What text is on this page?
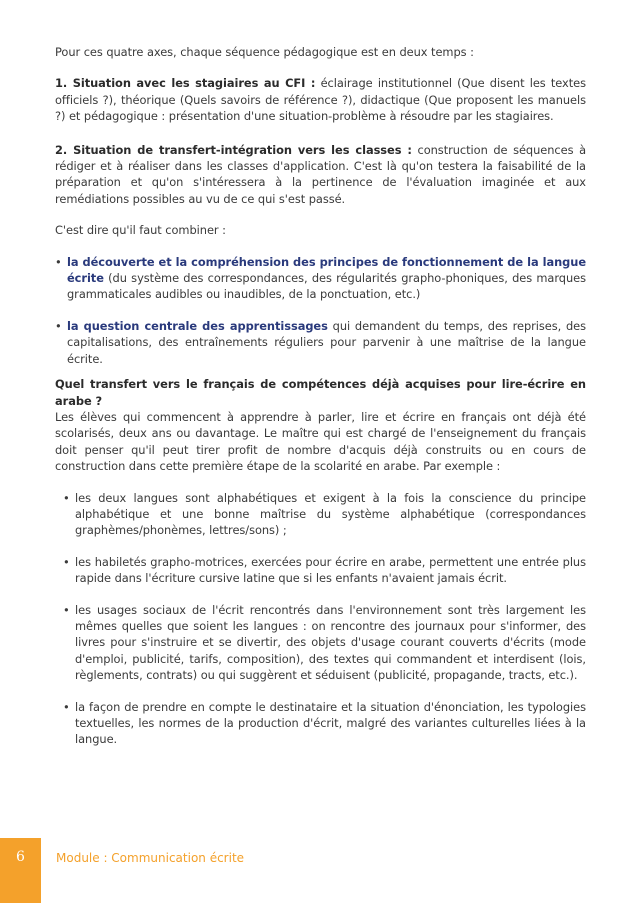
Pour ces quatre axes, chaque séquence pédagogique est en deux temps :

1. Situation avec les stagiaires au CFI : éclairage institutionnel (Que disent les textes officiels ?), théorique (Quels savoirs de référence ?), didactique (Que proposent les manuels ?) et pédagogique : présentation d'une situation-problème à résoudre par les stagiaires.

2. Situation de transfert-intégration vers les classes : construction de séquences à rédiger et à réaliser dans les classes d'application. C'est là qu'on testera la faisabilité de la préparation et qu'on s'intéressera à la pertinence de l'évaluation imaginée et aux remédiations possibles au vu de ce qui s'est passé.

C'est dire qu'il faut combiner :

• la découverte et la compréhension des principes de fonctionnement de la langue écrite (du système des correspondances, des régularités grapho-phoniques, des marques grammaticales audibles ou inaudibles, de la ponctuation, etc.)
• la question centrale des apprentissages qui demandent du temps, des reprises, des capitalisations, des entraînements réguliers pour parvenir à une maîtrise de la langue écrite.

Quel transfert vers le français de compétences déjà acquises pour lire-écrire en arabe ?

Les élèves qui commencent à apprendre à parler, lire et écrire en français ont déjà été scolarisés, deux ans ou davantage. Le maître qui est chargé de l'enseignement du français doit penser qu'il peut tirer profit de nombre d'acquis déjà construits ou en cours de construction dans cette première étape de la scolarité en arabe. Par exemple :

• les deux langues sont alphabétiques et exigent à la fois la conscience du principe alphabétique et une bonne maîtrise du système alphabétique (correspondances graphèmes/phonèmes, lettres/sons) ;
• les habiletés grapho-motrices, exercées pour écrire en arabe, permettent une entrée plus rapide dans l'écriture cursive latine que si les enfants n'avaient jamais écrit.
• les usages sociaux de l'écrit rencontrés dans l'environnement sont très largement les mêmes quelles que soient les langues : on rencontre des journaux pour s'informer, des livres pour s'instruire et se divertir, des objets d'usage courant couverts d'écrits (mode d'emploi, publicité, tarifs, composition), des textes qui commandent et interdisent (lois, règlements, contrats) ou qui suggèrent et séduisent (publicité, propagande, tracts, etc.).
• la façon de prendre en compte le destinataire et la situation d'énonciation, les typologies textuelles, les normes de la production d'écrit, malgré des variantes culturelles liées à la langue.
6	Module : Communication écrite
